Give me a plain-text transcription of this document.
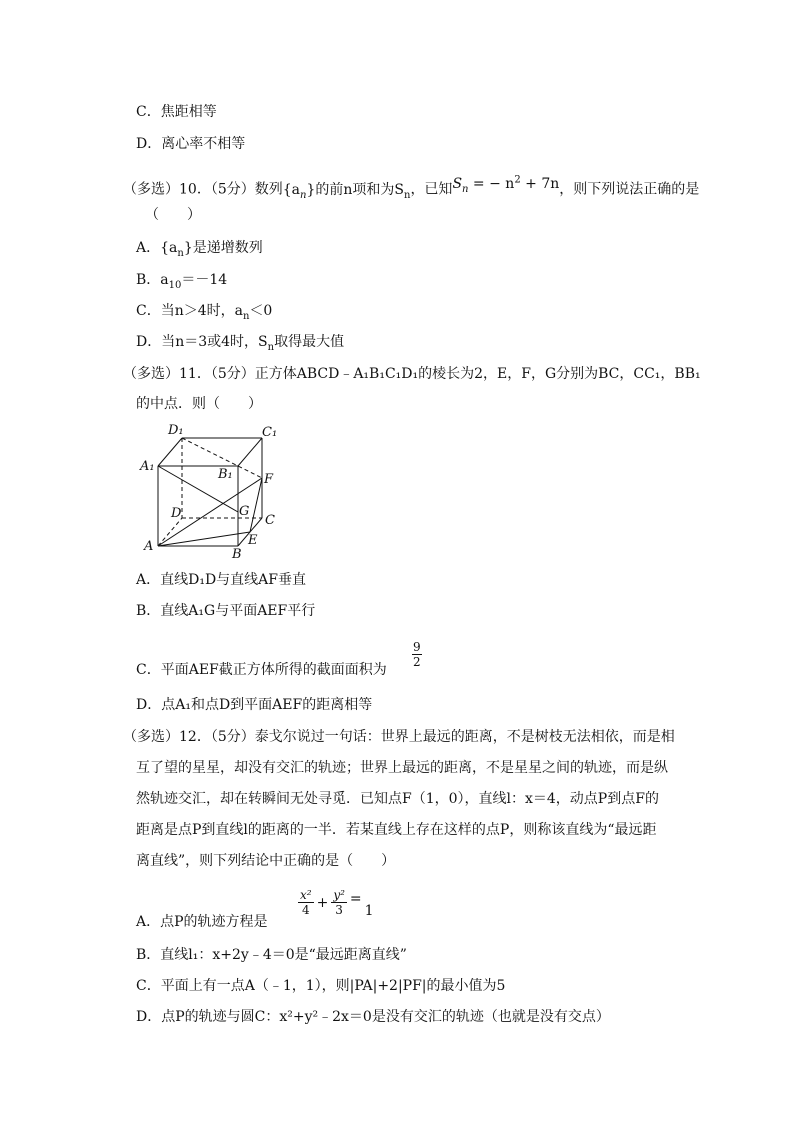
C．焦距相等
D．离心率不相等
（多选）10．（5分）数列$\{a_n\}$的前n项和为$S_n$，已知$S_n$ = − $n^2 + 7n$，则下列说法正确的是
（　　）
A．$\{a_n\}$是递增数列
B．$a_{10}=-14$
C．当n＞4时，$a_n<0$
D．当n＝3或4时，$S_n$取得最大值
（多选）11．（5分）正方体ABCD﹣A₁B₁C₁D₁的棱长为2，E，F，G分别为BC，CC₁，BB₁
的中点．则（　　）
D₁	C₁
A₁
B₁ F
D	G
C
A	E
B
A．直线D₁D与直线AF垂直
B．直线A₁G与平面AEF平行
C．平面AEF截正方体所得的截面面积为
9
2
D．点A₁和点D到平面AEF的距离相等
（多选）12．（5分）泰戈尔说过一句话：世界上最远的距离，不是树枝无法相依，而是相
互了望的星星，却没有交汇的轨迹；世界上最远的距离，不是星星之间的轨迹，而是纵
然轨迹交汇，却在转瞬间无处寻觅．已知点F（1，0），直线l：x＝4，动点P到点F的
距离是点P到直线l的距离的一半．若某直线上存在这样的点P，则称该直线为“最远距
离直线”，则下列结论中正确的是（　　）
A．点P的轨迹方程是
$\frac{\text{x²}}{4} + \frac{\text{y²}}{3}$ =
1
B．直线l₁：x+2y﹣4＝0是“最远距离直线”
C．平面上有一点A（﹣1，1），则|PA|+2|PF|的最小值为5
D．点P的轨迹与圆C：x²+y²﹣2x＝0是没有交汇的轨迹（也就是没有交点）
